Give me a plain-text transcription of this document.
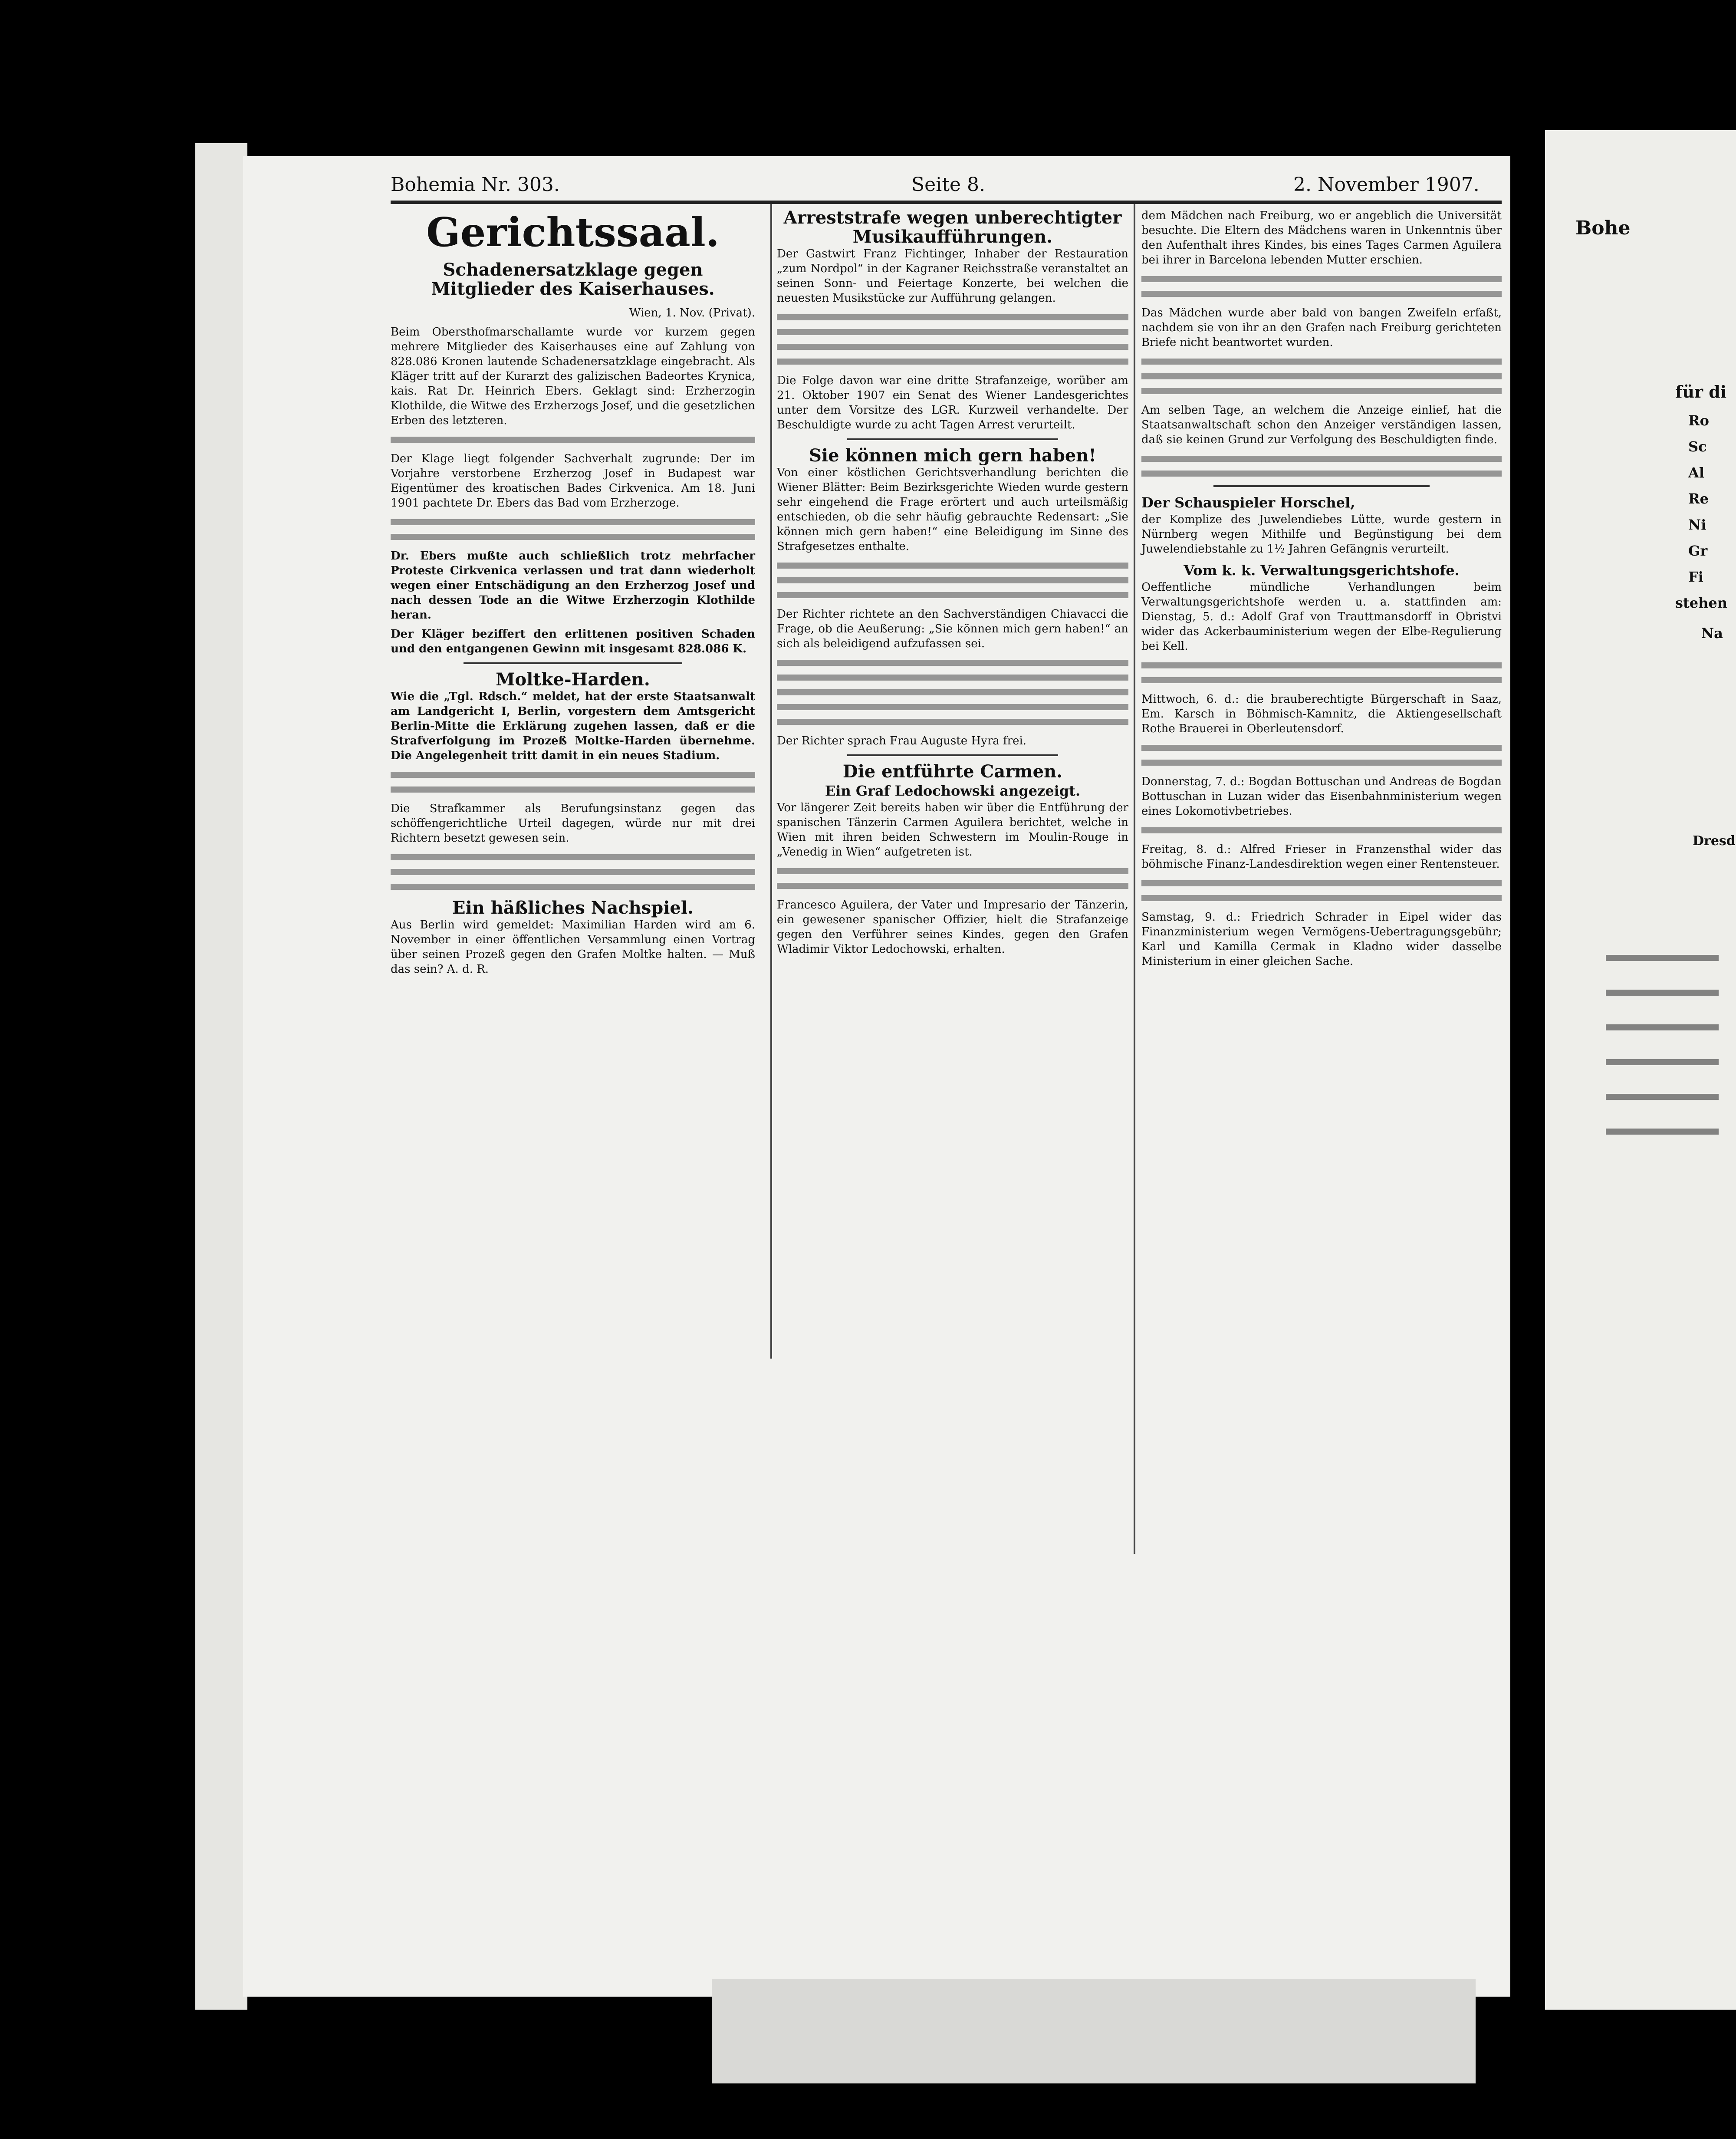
Bohemia Nr. 303.	Seite 8.	2. November 1907.
Gerichtssaal.
Schadenersatzklage gegen Mitglieder des Kaiserhauses.

Wien, 1. Nov. (Privat).

Beim Obersthofmarschallamte wurde vor kurzem gegen mehrere Mitglieder des Kaiserhauses eine auf Zahlung von 828.086 Kronen lautende Schadenersatzklage eingebracht. Als Kläger tritt auf der Kurarzt des galizischen Badeortes Krynica, kais. Rat Dr. Heinrich Ebers. Geklagt sind: Erzherzogin Klothilde, die Witwe des Erzherzogs Josef, und die gesetzlichen Erben des letzteren.

Der Klage liegt folgender Sachverhalt zugrunde: Der im Vorjahre verstorbene Erzherzog Josef in Budapest war Eigentümer des kroatischen Bades Cirkvenica. Am 18. Juni 1901 pachtete Dr. Ebers das Bad vom Erzherzoge.

Dr. Ebers mußte auch schließlich trotz mehrfacher Proteste Cirkvenica verlassen und trat dann wiederholt wegen einer Entschädigung an den Erzherzog Josef und nach dessen Tode an die Witwe Erzherzogin Klothilde heran.

Der Kläger beziffert den erlittenen positiven Schaden und den entgangenen Gewinn mit insgesamt 828.086 K.

Moltke-Harden.

Wie die „Tgl. Rdsch.“ meldet, hat der erste Staatsanwalt am Landgericht I, Berlin, vorgestern dem Amtsgericht Berlin-Mitte die Erklärung zugehen lassen, daß er die Strafverfolgung im Prozeß Moltke-Harden übernehme. Die Angelegenheit tritt damit in ein neues Stadium.

Die Strafkammer als Berufungsinstanz gegen das schöffengerichtliche Urteil dagegen, würde nur mit drei Richtern besetzt gewesen sein.

Ein häßliches Nachspiel.

Aus Berlin wird gemeldet: Maximilian Harden wird am 6. November in einer öffentlichen Versammlung einen Vortrag über seinen Prozeß gegen den Grafen Moltke halten. — Muß das sein? A. d. R.

Arreststrafe wegen unberechtigter Musikaufführungen.

Der Gastwirt Franz Fichtinger, Inhaber der Restauration „zum Nordpol“ in der Kagraner Reichsstraße veranstaltet an seinen Sonn- und Feiertage Konzerte, bei welchen die neuesten Musikstücke zur Aufführung gelangen.

Die Folge davon war eine dritte Strafanzeige, worüber am 21. Oktober 1907 ein Senat des Wiener Landesgerichtes unter dem Vorsitze des LGR. Kurzweil verhandelte. Der Beschuldigte wurde zu acht Tagen Arrest verurteilt.

Sie können mich gern haben!

Von einer köstlichen Gerichtsverhandlung berichten die Wiener Blätter: Beim Bezirksgerichte Wieden wurde gestern sehr eingehend die Frage erörtert und auch urteilsmäßig entschieden, ob die sehr häufig gebrauchte Redensart: „Sie können mich gern haben!“ eine Beleidigung im Sinne des Strafgesetzes enthalte.

Der Richter richtete an den Sachverständigen Chiavacci die Frage, ob die Aeußerung: „Sie können mich gern haben!“ an sich als beleidigend aufzufassen sei.

Der Richter sprach Frau Auguste Hyra frei.

Die entführte Carmen.
Ein Graf Ledochowski angezeigt.

Vor längerer Zeit bereits haben wir über die Entführung der spanischen Tänzerin Carmen Aguilera berichtet, welche in Wien mit ihren beiden Schwestern im Moulin-Rouge in „Venedig in Wien“ aufgetreten ist.

Francesco Aguilera, der Vater und Impresario der Tänzerin, ein gewesener spanischer Offizier, hielt die Strafanzeige gegen den Verführer seines Kindes, gegen den Grafen Wladimir Viktor Ledochowski, erhalten.

dem Mädchen nach Freiburg, wo er angeblich die Universität besuchte. Die Eltern des Mädchens waren in Unkenntnis über den Aufenthalt ihres Kindes, bis eines Tages Carmen Aguilera bei ihrer in Barcelona lebenden Mutter erschien.

Das Mädchen wurde aber bald von bangen Zweifeln erfaßt, nachdem sie von ihr an den Grafen nach Freiburg gerichteten Briefe nicht beantwortet wurden.

Am selben Tage, an welchem die Anzeige einlief, hat die Staatsanwaltschaft schon den Anzeiger verständigen lassen, daß sie keinen Grund zur Verfolgung des Beschuldigten finde.

Der Schauspieler Horschel,

der Komplize des Juwelendiebes Lütte, wurde gestern in Nürnberg wegen Mithilfe und Begünstigung bei dem Juwelendiebstahle zu 1½ Jahren Gefängnis verurteilt.

Vom k. k. Verwaltungsgerichtshofe.

Oeffentliche mündliche Verhandlungen beim Verwaltungsgerichtshofe werden u. a. stattfinden am: Dienstag, 5. d.: Adolf Graf von Trauttmansdorff in Obristvi wider das Ackerbauministerium wegen der Elbe-Regulierung bei Kell.

Mittwoch, 6. d.: die brauberechtigte Bürgerschaft in Saaz, Em. Karsch in Böhmisch-Kamnitz, die Aktiengesellschaft Rothe Brauerei in Oberleutensdorf.

Donnerstag, 7. d.: Bogdan Bottuschan und Andreas de Bogdan Bottuschan in Luzan wider das Eisenbahnministerium wegen eines Lokomotivbetriebes.

Freitag, 8. d.: Alfred Frieser in Franzensthal wider das böhmische Finanz-Landesdirektion wegen einer Rentensteuer.

Samstag, 9. d.: Friedrich Schrader in Eipel wider das Finanzministerium wegen Vermögens-Uebertragungsgebühr; Karl und Kamilla Cermak in Kladno wider dasselbe Ministerium in einer gleichen Sache.

Bohe
für di
Ro
Sc
Al
Re
Ni
Gr
Fi
stehen
Na
Dresd
